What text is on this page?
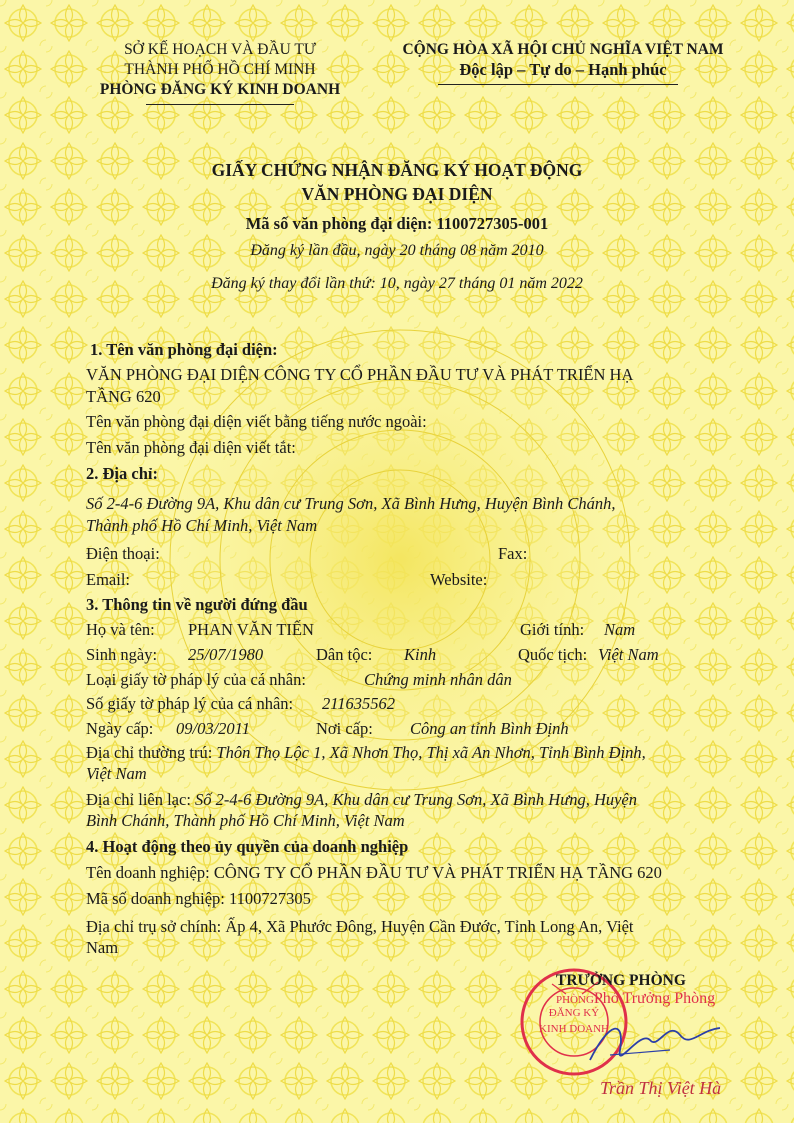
SỞ KẾ HOẠCH VÀ ĐẦU TƯ
THÀNH PHỐ HỒ CHÍ MINH
PHÒNG ĐĂNG KÝ KINH DOANH
CỘNG HÒA XÃ HỘI CHỦ NGHĨA VIỆT NAM
Độc lập – Tự do – Hạnh phúc
GIẤY CHỨNG NHẬN ĐĂNG KÝ HOẠT ĐỘNG
VĂN PHÒNG ĐẠI DIỆN
Mã số văn phòng đại diện: 1100727305-001
Đăng ký lần đầu, ngày 20 tháng 08 năm 2010
Đăng ký thay đổi lần thứ: 10, ngày 27 tháng 01 năm 2022
1. Tên văn phòng đại diện:
VĂN PHÒNG ĐẠI DIỆN CÔNG TY CỔ PHẦN ĐẦU TƯ VÀ PHÁT TRIỂN HẠ
TẦNG 620
Tên văn phòng đại diện viết bằng tiếng nước ngoài:
Tên văn phòng đại diện viết tắt:
2. Địa chỉ:
Số 2-4-6 Đường 9A, Khu dân cư Trung Sơn, Xã Bình Hưng, Huyện Bình Chánh,
Thành phố Hồ Chí Minh, Việt Nam
Điện thoại:	Fax:
Email:	Website:
3. Thông tin về người đứng đầu
Họ và tên: PHAN VĂN TIẾN	Giới tính: Nam
Sinh ngày: 25/07/1980	Dân tộc: Kinh	Quốc tịch: Việt Nam
Loại giấy tờ pháp lý của cá nhân:	Chứng minh nhân dân
Số giấy tờ pháp lý của cá nhân: 211635562
Ngày cấp: 09/03/2011	Nơi cấp: Công an tỉnh Bình Định
Địa chỉ thường trú: Thôn Thọ Lộc 1, Xã Nhơn Thọ, Thị xã An Nhơn, Tỉnh Bình Định,
Việt Nam
Địa chỉ liên lạc: Số 2-4-6 Đường 9A, Khu dân cư Trung Sơn, Xã Bình Hưng, Huyện
Bình Chánh, Thành phố Hồ Chí Minh, Việt Nam
4. Hoạt động theo ủy quyền của doanh nghiệp
Tên doanh nghiệp: CÔNG TY CỔ PHẦN ĐẦU TƯ VÀ PHÁT TRIỂN HẠ TẦNG 620
Mã số doanh nghiệp: 1100727305
Địa chỉ trụ sở chính: Ấp 4, Xã Phước Đông, Huyện Cần Đước, Tỉnh Long An, Việt
Nam
ĐĂNG KÝ
KINH DOANH
TRƯỞNG PHÒNG
PHÒNGPhó Trưởng Phòng
Trần Thị Việt Hà
